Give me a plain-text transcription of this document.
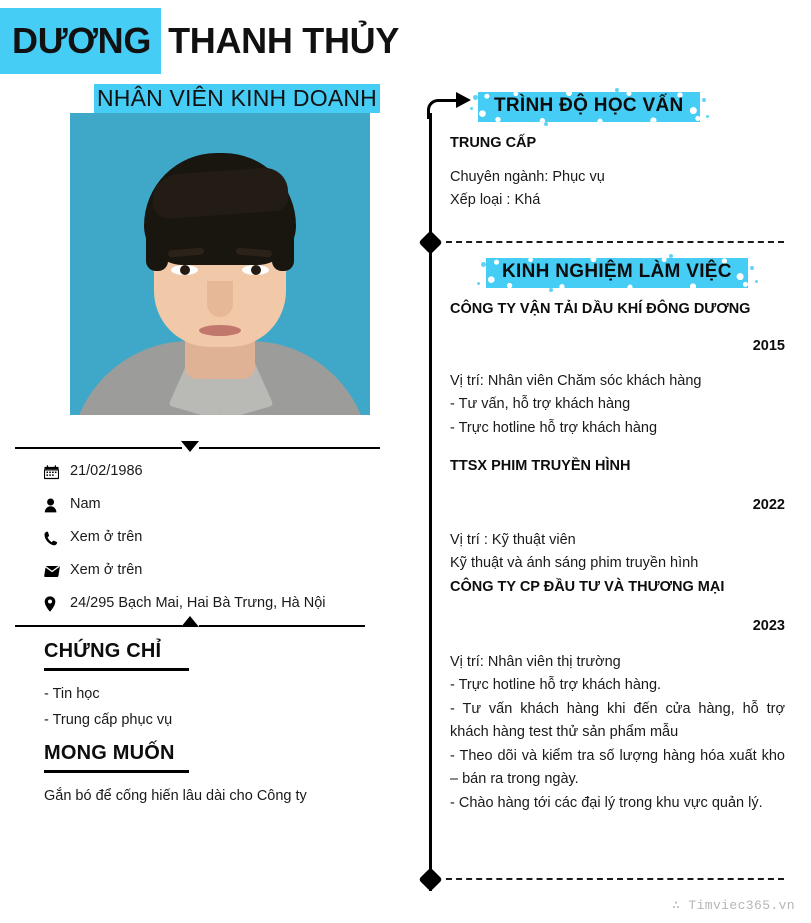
DƯƠNG THANH THỦY
NHÂN VIÊN KINH DOANH
21/02/1986
Nam
Xem ở trên
Xem ở trên
24/295 Bạch Mai, Hai Bà Trưng, Hà Nội
CHỨNG CHỈ
- Tin học
- Trung cấp phục vụ
MONG MUỐN
Gắn bó để cống hiến lâu dài cho Công ty
TRÌNH ĐỘ HỌC VẤN
TRUNG CẤP
Chuyên ngành: Phục vụ
Xếp loại : Khá
KINH NGHIỆM LÀM VIỆC
CÔNG TY VẬN TẢI DẦU KHÍ ĐÔNG DƯƠNG
2015
Vị trí: Nhân viên Chăm sóc khách hàng
- Tư vấn, hỗ trợ khách hàng
- Trực hotline hỗ trợ khách hàng
TTSX PHIM TRUYỀN HÌNH
2022
Vị trí : Kỹ thuật viên
Kỹ thuật và ánh sáng phim truyền hình
CÔNG TY CP ĐẦU TƯ VÀ THƯƠNG MẠI
2023
Vị trí: Nhân viên thị trường
- Trực hotline hỗ trợ khách hàng.
- Tư vấn khách hàng khi đến cửa hàng, hỗ trợ khách hàng test thử sản phẩm mẫu
- Theo dõi và kiểm tra số lượng hàng hóa xuất kho – bán ra trong ngày.
- Chào hàng tới các đại lý trong khu vực quản lý.
∴ Timviec365.vn
